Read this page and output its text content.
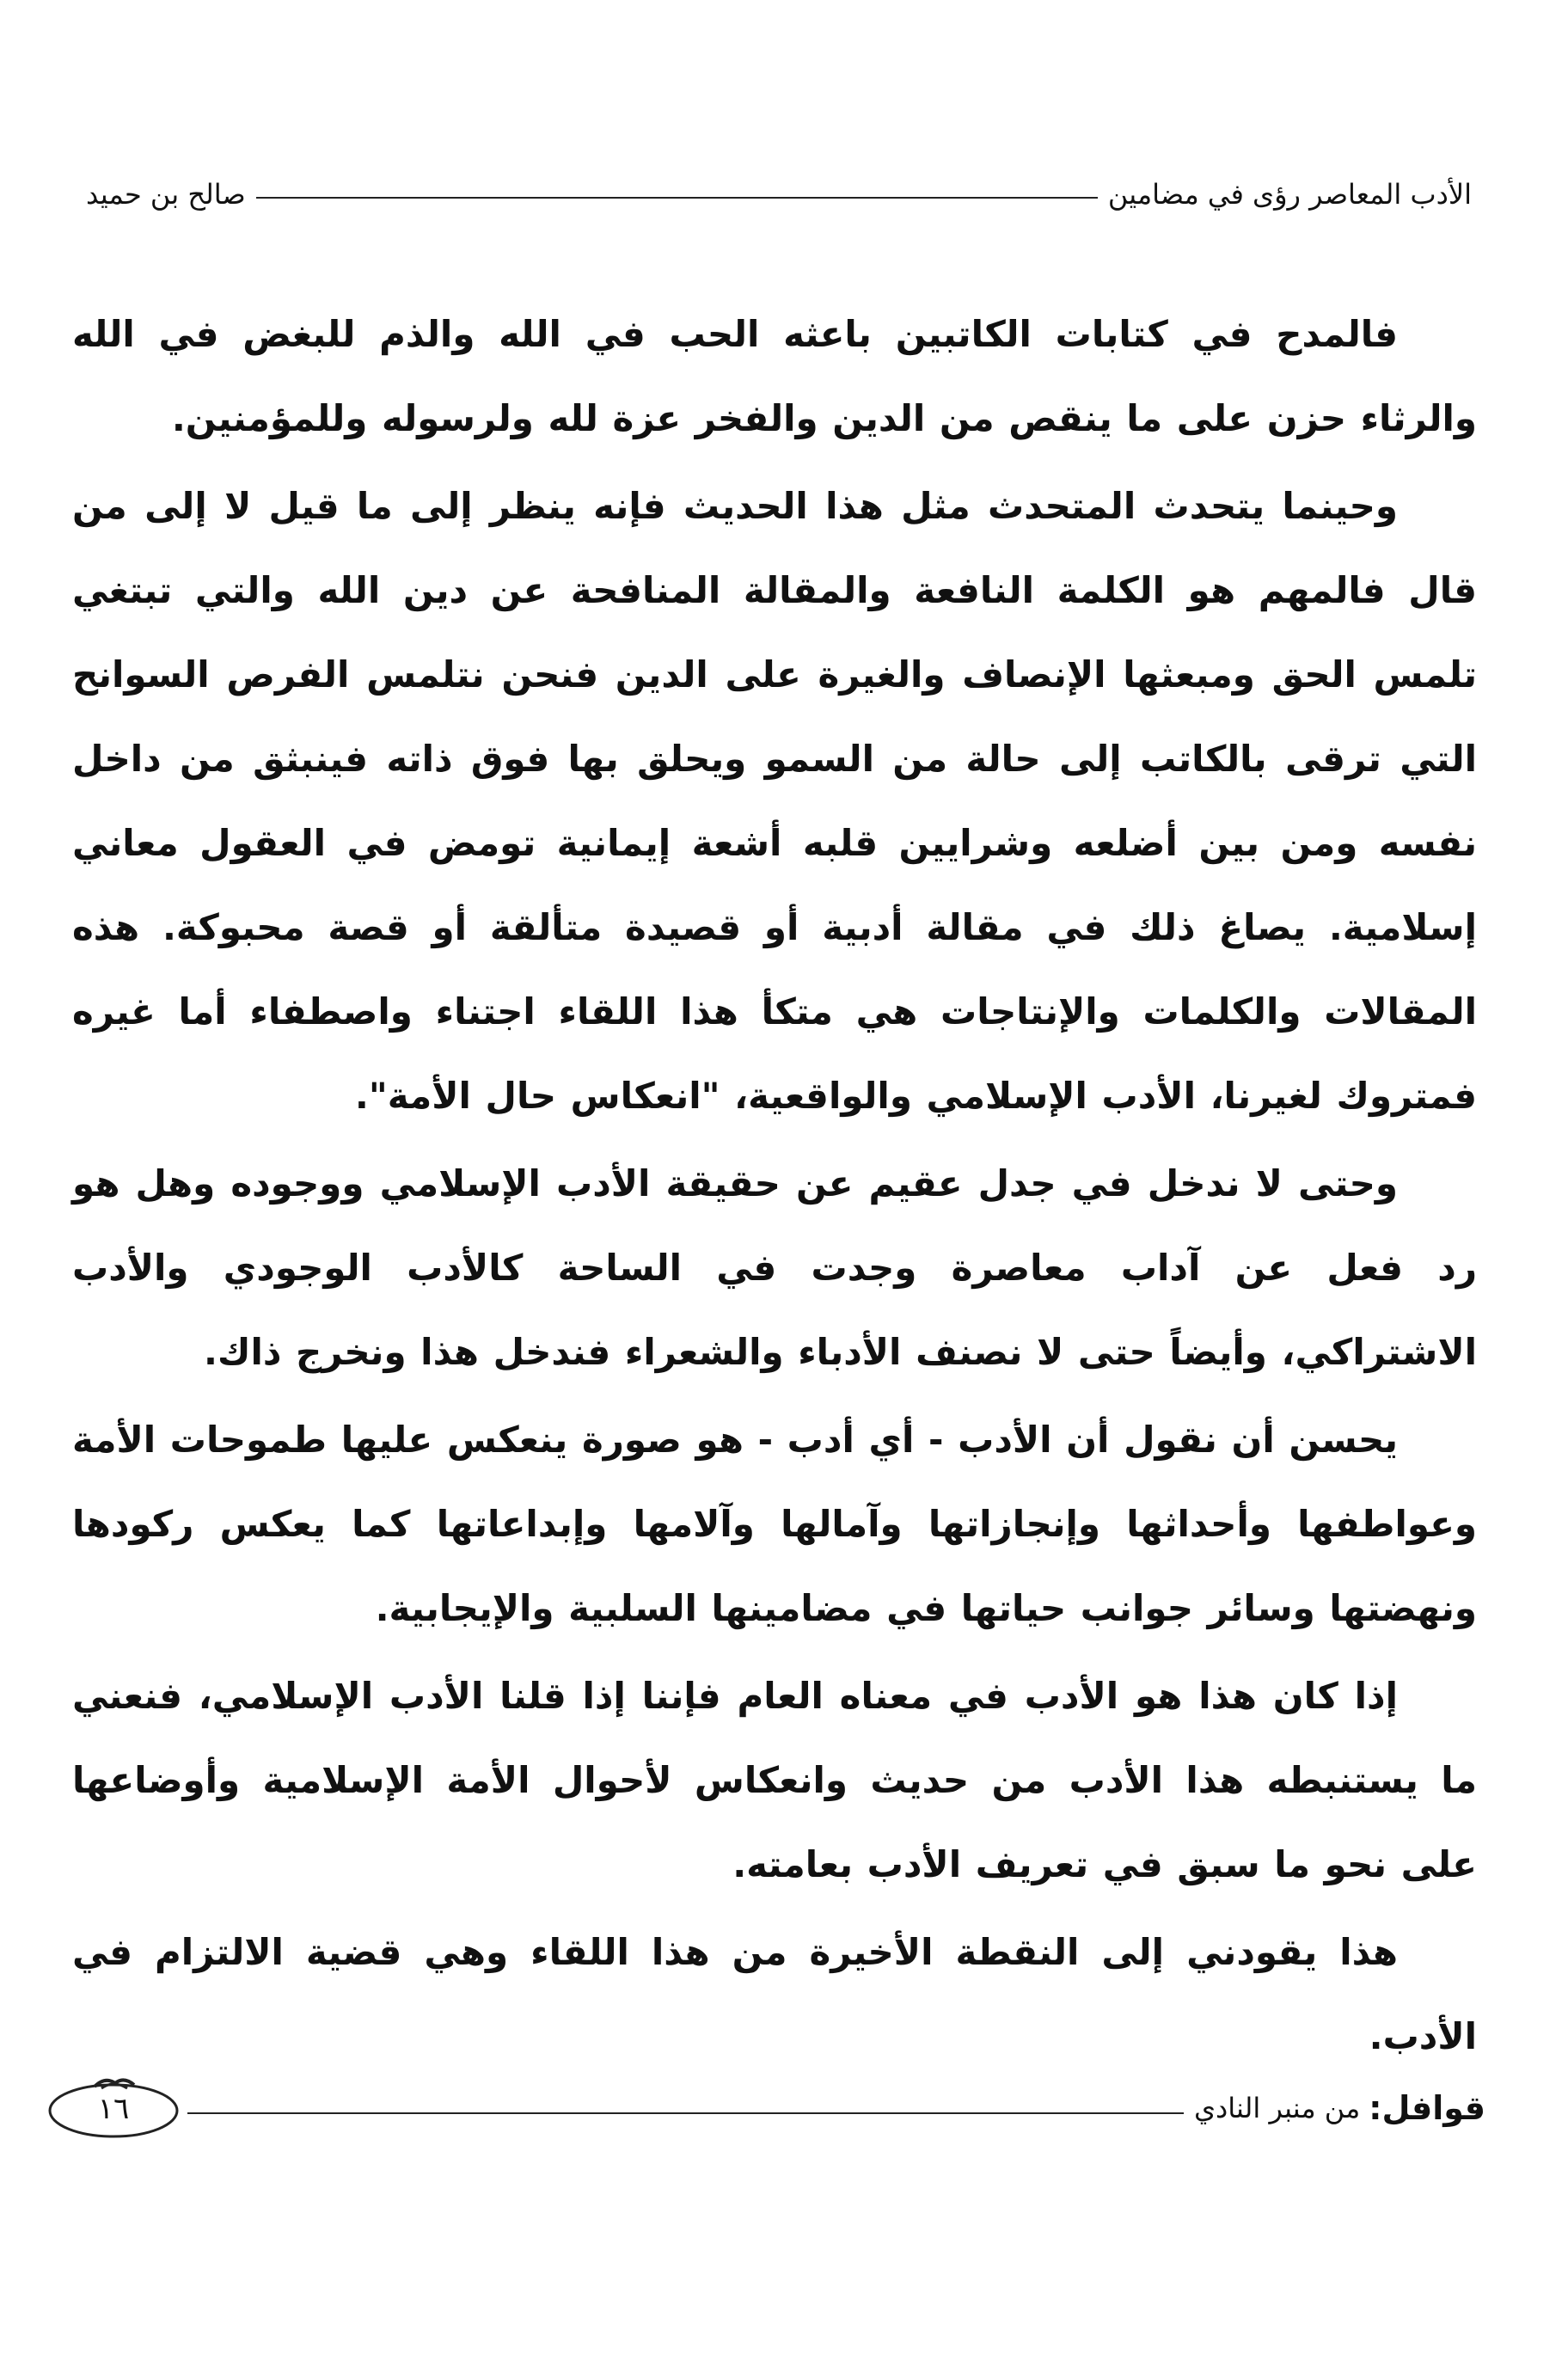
الأدب المعاصر رؤى في مضامين
صالح بن حميد

فالمدح في كتابات الكاتبين باعثه الحب في الله والذم للبغض في الله والرثاء حزن على ما ينقص من الدين والفخر عزة لله ولرسوله وللمؤمنين.

وحينما يتحدث المتحدث مثل هذا الحديث فإنه ينظر إلى ما قيل لا إلى من قال فالمهم هو الكلمة النافعة والمقالة المنافحة عن دين الله والتي تبتغي تلمس الحق ومبعثها الإنصاف والغيرة على الدين فنحن نتلمس الفرص السوانح التي ترقى بالكاتب إلى حالة من السمو ويحلق بها فوق ذاته فينبثق من داخل نفسه ومن بين أضلعه وشرايين قلبه أشعة إيمانية تومض في العقول معاني إسلامية. يصاغ ذلك في مقالة أدبية أو قصيدة متألقة أو قصة محبوكة. هذه المقالات والكلمات والإنتاجات هي متكأ هذا اللقاء اجتناء واصطفاء أما غيره فمتروك لغيرنا، الأدب الإسلامي والواقعية، "انعكاس حال الأمة".

وحتى لا ندخل في جدل عقيم عن حقيقة الأدب الإسلامي ووجوده وهل هو رد فعل عن آداب معاصرة وجدت في الساحة كالأدب الوجودي والأدب الاشتراكي، وأيضاً حتى لا نصنف الأدباء والشعراء فندخل هذا ونخرج ذاك.

يحسن أن نقول أن الأدب - أي أدب - هو صورة ينعكس عليها طموحات الأمة وعواطفها وأحداثها وإنجازاتها وآمالها وآلامها وإبداعاتها كما يعكس ركودها ونهضتها وسائر جوانب حياتها في مضامينها السلبية والإيجابية.

إذا كان هذا هو الأدب في معناه العام فإننا إذا قلنا الأدب الإسلامي، فنعني ما يستنبطه هذا الأدب من حديث وانعكاس لأحوال الأمة الإسلامية وأوضاعها على نحو ما سبق في تعريف الأدب بعامته.

هذا يقودني إلى النقطة الأخيرة من هذا اللقاء وهي قضية الالتزام في الأدب.

قوافل:
من منبر النادي
١٦
